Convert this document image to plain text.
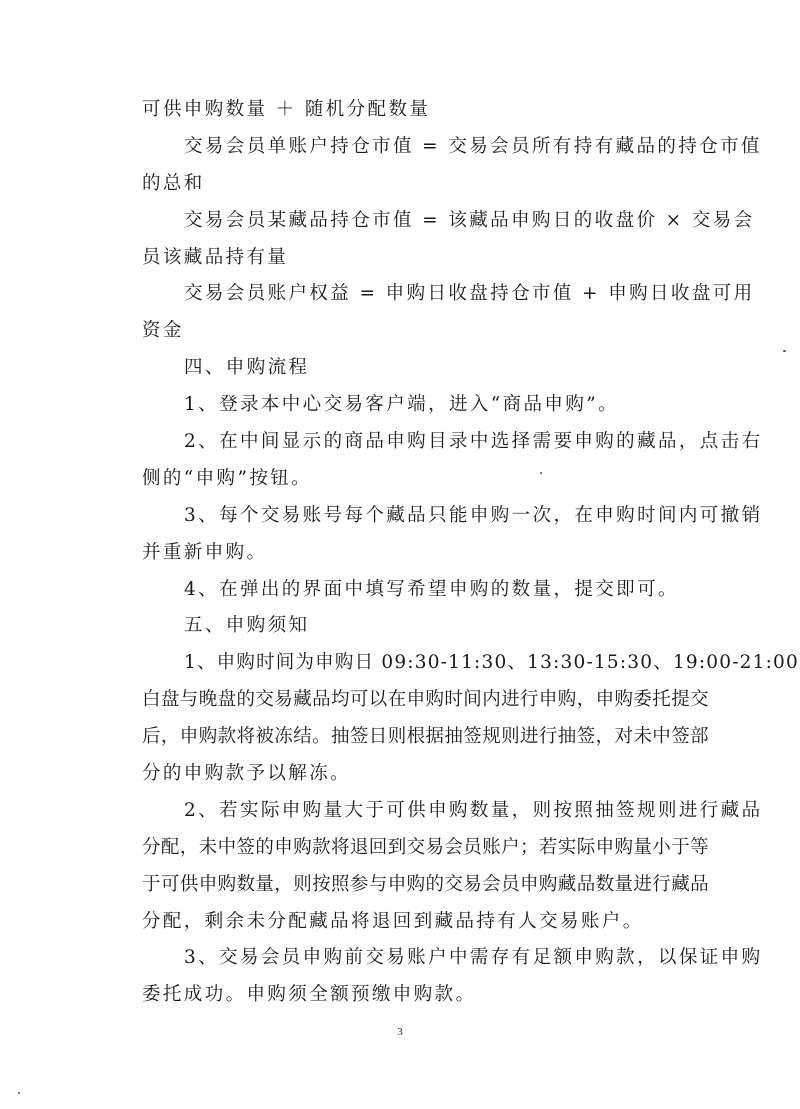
可供申购数量 ＋ 随机分配数量
交易会员单账户持仓市值 = 交易会员所有持有藏品的持仓市值
的总和
交易会员某藏品持仓市值 = 该藏品申购日的收盘价 × 交易会
员该藏品持有量
交易会员账户权益 = 申购日收盘持仓市值 + 申购日收盘可用
资金
四、申购流程
1、登录本中心交易客户端，进入“商品申购”。
2、在中间显示的商品申购目录中选择需要申购的藏品，点击右
侧的“申购”按钮。
3、每个交易账号每个藏品只能申购一次，在申购时间内可撤销
并重新申购。
4、在弹出的界面中填写希望申购的数量，提交即可。
五、申购须知
1、申购时间为申购日 09:30-11:30、13:30-15:30、19:00-21:00
白盘与晚盘的交易藏品均可以在申购时间内进行申购，申购委托提交
后，申购款将被冻结。抽签日则根据抽签规则进行抽签，对未中签部
分的申购款予以解冻。
2、若实际申购量大于可供申购数量，则按照抽签规则进行藏品
分配，未中签的申购款将退回到交易会员账户；若实际申购量小于等
于可供申购数量，则按照参与申购的交易会员申购藏品数量进行藏品
分配，剩余未分配藏品将退回到藏品持有人交易账户。
3、交易会员申购前交易账户中需存有足额申购款，以保证申购
委托成功。申购须全额预缴申购款。
3
